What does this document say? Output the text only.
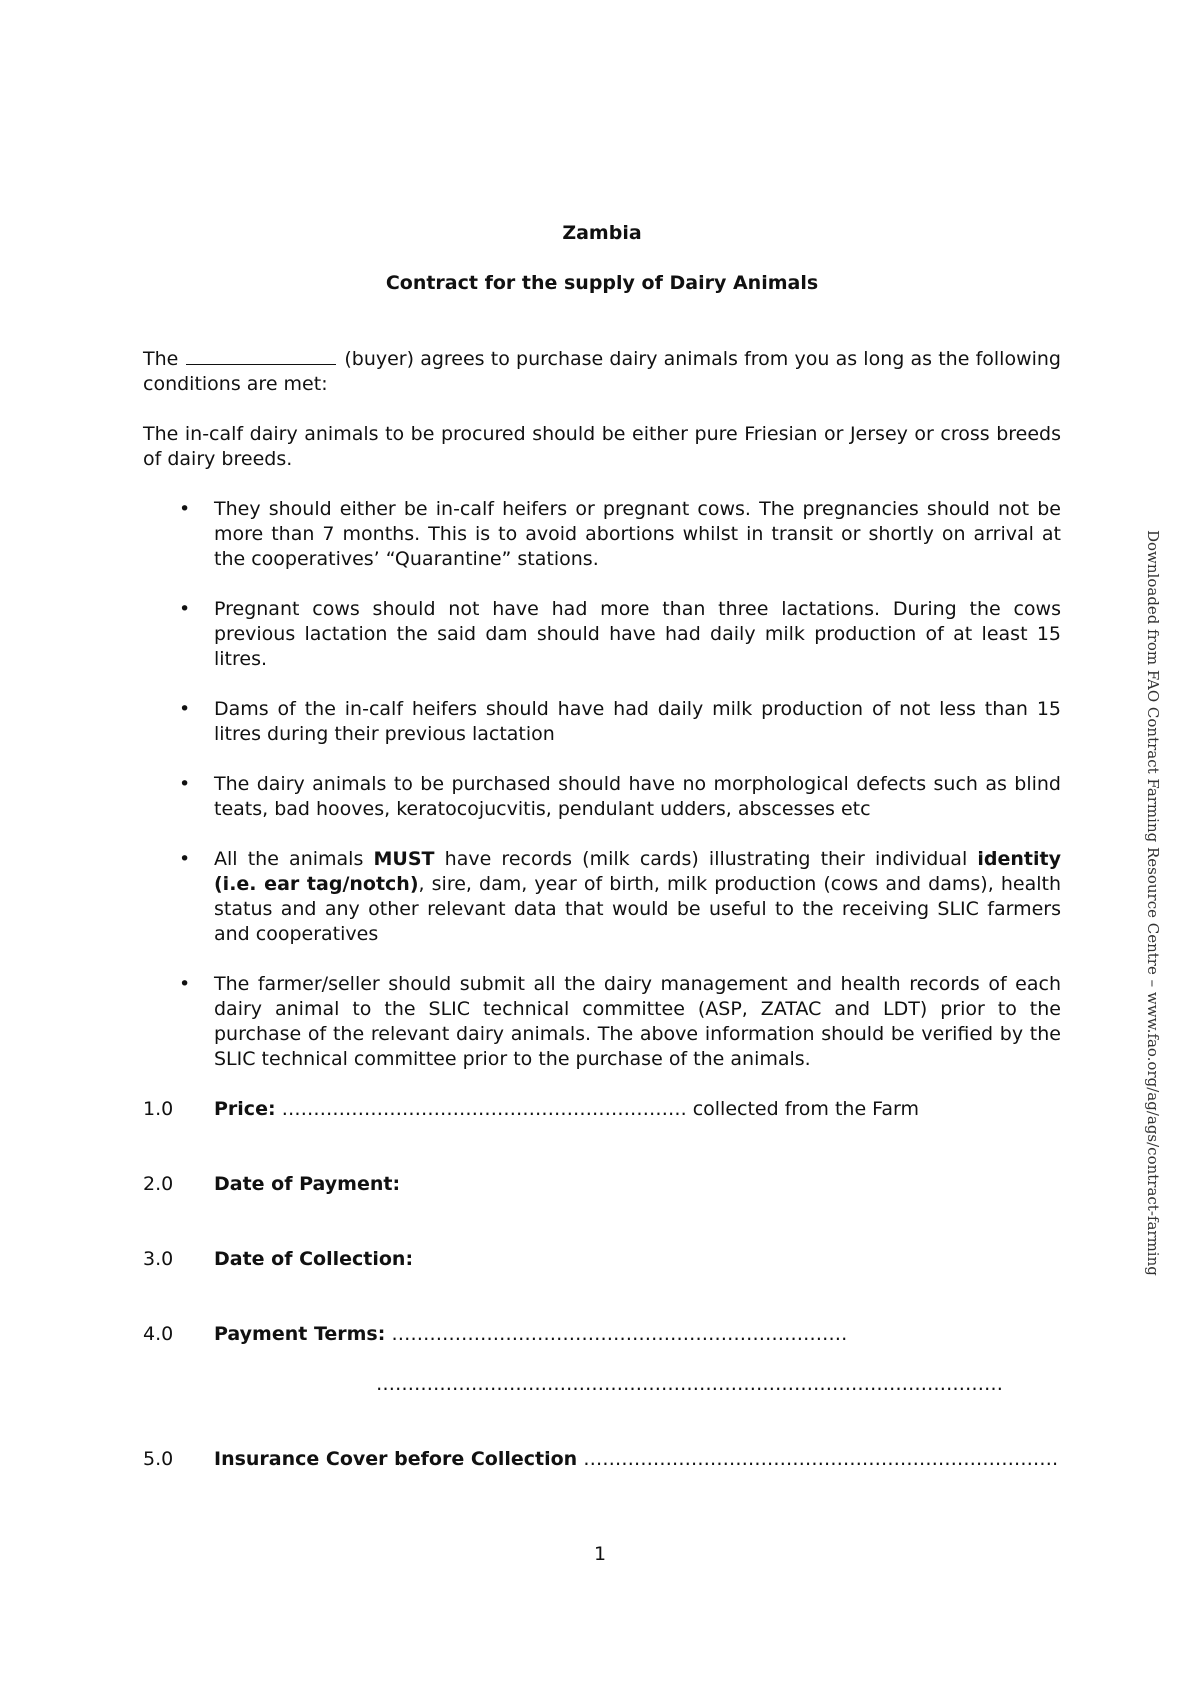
Zambia

Contract for the supply of Dairy Animals

The	(buyer) agrees to purchase dairy animals from you as long as the following conditions are met:

The in-calf dairy animals to be procured should be either pure Friesian or Jersey or cross breeds of dairy breeds.

• They should either be in-calf heifers or pregnant cows. The pregnancies should not be more than 7 months. This is to avoid abortions whilst in transit or shortly on arrival at the cooperatives’ “Quarantine” stations.
• Pregnant cows should not have had more than three lactations. During the cows previous lactation the said dam should have had daily milk production of at least 15 litres.
• Dams of the in-calf heifers should have had daily milk production of not less than 15 litres during their previous lactation
• The dairy animals to be purchased should have no morphological defects such as blind teats, bad hooves, keratocojucvitis, pendulant udders, abscesses etc
• All the animals MUST have records (milk cards) illustrating their individual identity (i.e. ear tag/notch), sire, dam, year of birth, milk production (cows and dams), health status and any other relevant data that would be useful to the receiving SLIC farmers and cooperatives
• The farmer/seller should submit all the dairy management and health records of each dairy animal to the SLIC technical committee (ASP, ZATAC and LDT) prior to the purchase of the relevant dairy animals. The above information should be verified by the SLIC technical committee prior to the purchase of the animals.
1.0	Price: ………………………………………………………. collected from the Farm
2.0	Date of Payment:
3.0	Date of Collection:
4.0	Payment Terms: ………………………………………………………………
………………………………………………………………………………………
5.0	Insurance Cover before Collection …………………………………………………………………
1
Downloaded from FAO Contract Farming Resource Centre – www.fao.org/ag/ags/contract-farming
